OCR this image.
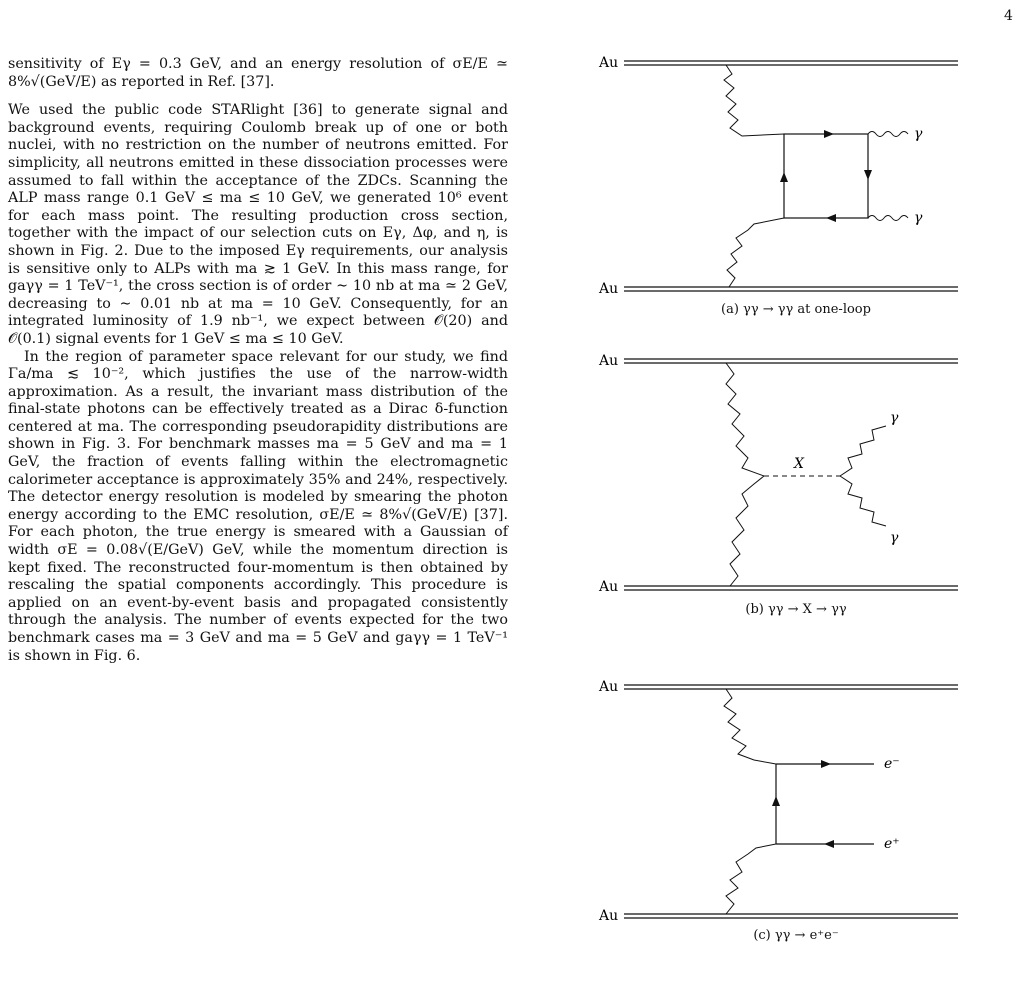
4

sensitivity of Eγ = 0.3 GeV, and an energy resolution of σE/E ≃ 8%√(GeV/E) as reported in Ref. [37].

We used the public code STARlight [36] to generate signal and background events, requiring Coulomb break up of one or both nuclei, with no restriction on the number of neutrons emitted. For simplicity, all neutrons emitted in these dissociation processes were assumed to fall within the acceptance of the ZDCs. Scanning the ALP mass range 0.1 GeV ≤ ma ≤ 10 GeV, we generated 10⁶ event for each mass point. The resulting production cross section, together with the impact of our selection cuts on Eγ, Δφ, and η, is shown in Fig. 2. Due to the imposed Eγ requirements, our analysis is sensitive only to ALPs with ma ≳ 1 GeV. In this mass range, for gaγγ = 1 TeV⁻¹, the cross section is of order ∼ 10 nb at ma ≃ 2 GeV, decreasing to ∼ 0.01 nb at ma = 10 GeV. Consequently, for an integrated luminosity of 1.9 nb⁻¹, we expect between 𝒪(20) and 𝒪(0.1) signal events for 1 GeV ≤ ma ≤ 10 GeV.

In the region of parameter space relevant for our study, we find Γa/ma ≲ 10⁻², which justifies the use of the narrow-width approximation. As a result, the invariant mass distribution of the final-state photons can be effectively treated as a Dirac δ-function centered at ma. The corresponding pseudorapidity distributions are shown in Fig. 3. For benchmark masses ma = 5 GeV and ma = 1 GeV, the fraction of events falling within the electromagnetic calorimeter acceptance is approximately 35% and 24%, respectively. The detector energy resolution is modeled by smearing the photon energy according to the EMC resolution, σE/E ≃ 8%√(GeV/E) [37]. For each photon, the true energy is smeared with a Gaussian of width σE = 0.08√(E/GeV) GeV, while the momentum direction is kept fixed. The reconstructed four-momentum is then obtained by rescaling the spatial components accordingly. This procedure is applied on an event-by-event basis and propagated consistently through the analysis. The number of events expected for the two benchmark cases ma = 3 GeV and ma = 5 GeV and gaγγ = 1 TeV⁻¹ is shown in Fig. 6.

Au
Au
γ
γ
(a) γγ → γγ at one-loop
Au
Au
X
γ
γ
(b) γγ → X → γγ
Au
Au
e⁻
e⁺
(c) γγ → e⁺e⁻
